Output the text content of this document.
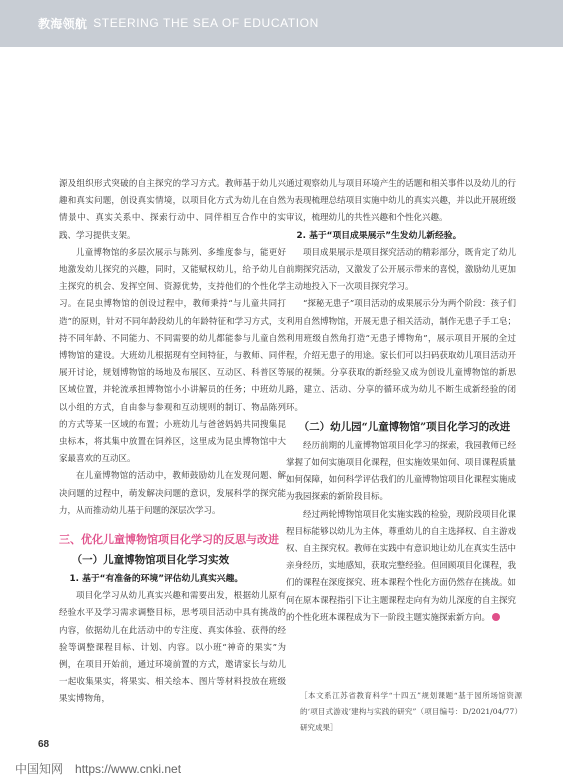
教海领航 STEERING THE SEA OF EDUCATION

源及组织形式突破的自主探究的学习方式。教师基于幼儿兴趣和真实问题，创设真实情境，以项目化方式为幼儿在自然情景中、真实关系中、探索行动中、同伴相互合作中的实践、学习提供支架。

儿童博物馆的多层次展示与陈列、多维度参与，能更好地激发幼儿探究的兴趣，同时，又能赋权幼儿，给予幼儿自主探究的机会、发挥空间、资源优势，支持他们的个性化学习。在昆虫博物馆的创设过程中，教师秉持“与儿童共同打造”的原则，针对不同年龄段幼儿的年龄特征和学习方式，支持不同年龄、不同能力、不同需要的幼儿都能参与儿童自然博物馆的建设。大班幼儿根据现有空间特征，与教师、同伴展开讨论，规划博物馆的场地及布展区、互动区、科普区等区域位置，并轮流承担博物馆小小讲解员的任务；中班幼儿以小组的方式，自由参与参观和互动规则的制订、物品陈列的方式等某一区域的布置；小班幼儿与爸爸妈妈共同搜集昆虫标本，将其集中放置在饲养区，这里成为昆虫博物馆中大家最喜欢的互动区。

在儿童博物馆的活动中，教师鼓励幼儿在发现问题、解决问题的过程中，萌发解决问题的意识，发展科学的探究能力，从而推动幼儿基于问题的深层次学习。

三、优化儿童博物馆项目化学习的反思与改进
（一）儿童博物馆项目化学习实效
1. 基于“有准备的环境”评估幼儿真实兴趣。

项目化学习从幼儿真实兴趣和需要出发，根据幼儿原有经验水平及学习需求调整目标，思考项目活动中具有挑战的内容，依据幼儿在此活动中的专注度、真实体验、获得的经验等调整课程目标、计划、内容。以小班“神奇的果实”为例，在项目开始前，通过环境前置的方式，邀请家长与幼儿一起收集果实，将果实、相关绘本、图片等材料投放在班级果实博物角，

通过观察幼儿与项目环境产生的话题和相关事件以及幼儿的行为表现梳理总结项目实施中幼儿的真实兴趣，并以此开展班级审议，梳理幼儿的共性兴趣和个性化兴趣。

2. 基于“项目成果展示”生发幼儿新经验。

项目成果展示是项目探究活动的精彩部分，既肯定了幼儿前期探究活动，又激发了公开展示带来的喜悦，激励幼儿更加主动地投入下一次项目探究学习。

“探秘无患子”项目活动的成果展示分为两个阶段：孩子们利用自然博物馆，开展无患子相关活动，制作无患子手工皂；利用班级自然角打造“无患子博物角”，展示项目开展的全过程，介绍无患子的用途。家长们可以扫码获取幼儿项目活动开展的视频。分享获取的新经验又成为创设儿童博物馆的新思路，建立、活动、分享的循环成为幼儿不断生成新经验的闭环。

（二）幼儿园“儿童博物馆”项目化学习的改进

经历前期的儿童博物馆项目化学习的探索，我园教师已经掌握了如何实施项目化课程，但实施效果如何、项目课程质量如何保障，如何科学评估我们的儿童博物馆项目化课程实施成为我园探索的新阶段目标。

经过两轮博物馆项目化实施实践的检验，现阶段项目化课程目标能够以幼儿为主体，尊重幼儿的自主选择权、自主游戏权、自主探究权。教师在实践中有意识地让幼儿在真实生活中亲身经历，实地感知，获取完整经验。但回顾项目化课程，我们的课程在深度探究、班本课程个性化方面仍然存在挑战。如何在原本课程指引下让主题课程走向有为幼儿深度的自主探究的个性化班本课程成为下一阶段主题实施探索新方向。

［本文系江苏省教育科学“十四五”规划课题“基于园所场馆资源的‘项目式游戏’建构与实践的研究”（项目编号：D/2021/04/77）研究成果］
68
中国知网 https://www.cnki.net
